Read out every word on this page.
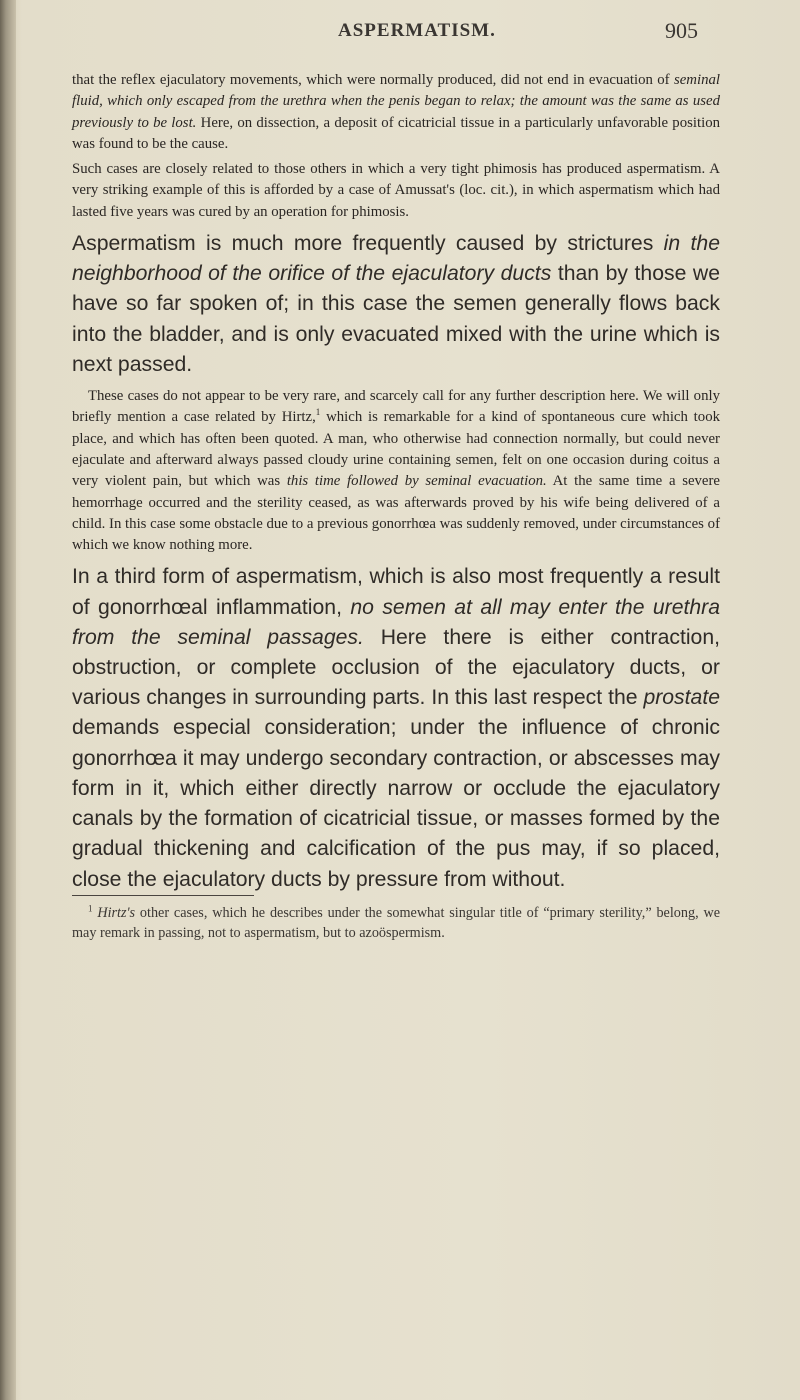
ASPERMATISM.	905

that the reflex ejaculatory movements, which were normally produced, did not end in evacuation of seminal fluid, which only escaped from the urethra when the penis began to relax; the amount was the same as used previously to be lost. Here, on dissection, a deposit of cicatricial tissue in a particularly unfavorable position was found to be the cause.

Such cases are closely related to those others in which a very tight phimosis has produced aspermatism. A very striking example of this is afforded by a case of Amussat's (loc. cit.), in which aspermatism which had lasted five years was cured by an operation for phimosis.

Aspermatism is much more frequently caused by strictures in the neighborhood of the orifice of the ejaculatory ducts than by those we have so far spoken of; in this case the semen generally flows back into the bladder, and is only evacuated mixed with the urine which is next passed.

These cases do not appear to be very rare, and scarcely call for any further description here. We will only briefly mention a case related by Hirtz,$^1$ which is remarkable for a kind of spontaneous cure which took place, and which has often been quoted. A man, who otherwise had connection normally, but could never ejaculate and afterward always passed cloudy urine containing semen, felt on one occasion during coitus a very violent pain, but which was this time followed by seminal evacuation. At the same time a severe hemorrhage occurred and the sterility ceased, as was afterwards proved by his wife being delivered of a child. In this case some obstacle due to a previous gonorrhœa was suddenly removed, under circumstances of which we know nothing more.

In a third form of aspermatism, which is also most frequently a result of gonorrhœal inflammation, no semen at all may enter the urethra from the seminal passages. Here there is either contraction, obstruction, or complete occlusion of the ejaculatory ducts, or various changes in surrounding parts. In this last respect the prostate demands especial consideration; under the influence of chronic gonorrhœa it may undergo secondary contraction, or abscesses may form in it, which either directly narrow or occlude the ejaculatory canals by the formation of cicatricial tissue, or masses formed by the gradual thickening and calcification of the pus may, if so placed, close the ejaculatory ducts by pressure from without.

$^1$ Hirtz's other cases, which he describes under the somewhat singular title of “primary sterility,” belong, we may remark in passing, not to aspermatism, but to azoöspermism.
